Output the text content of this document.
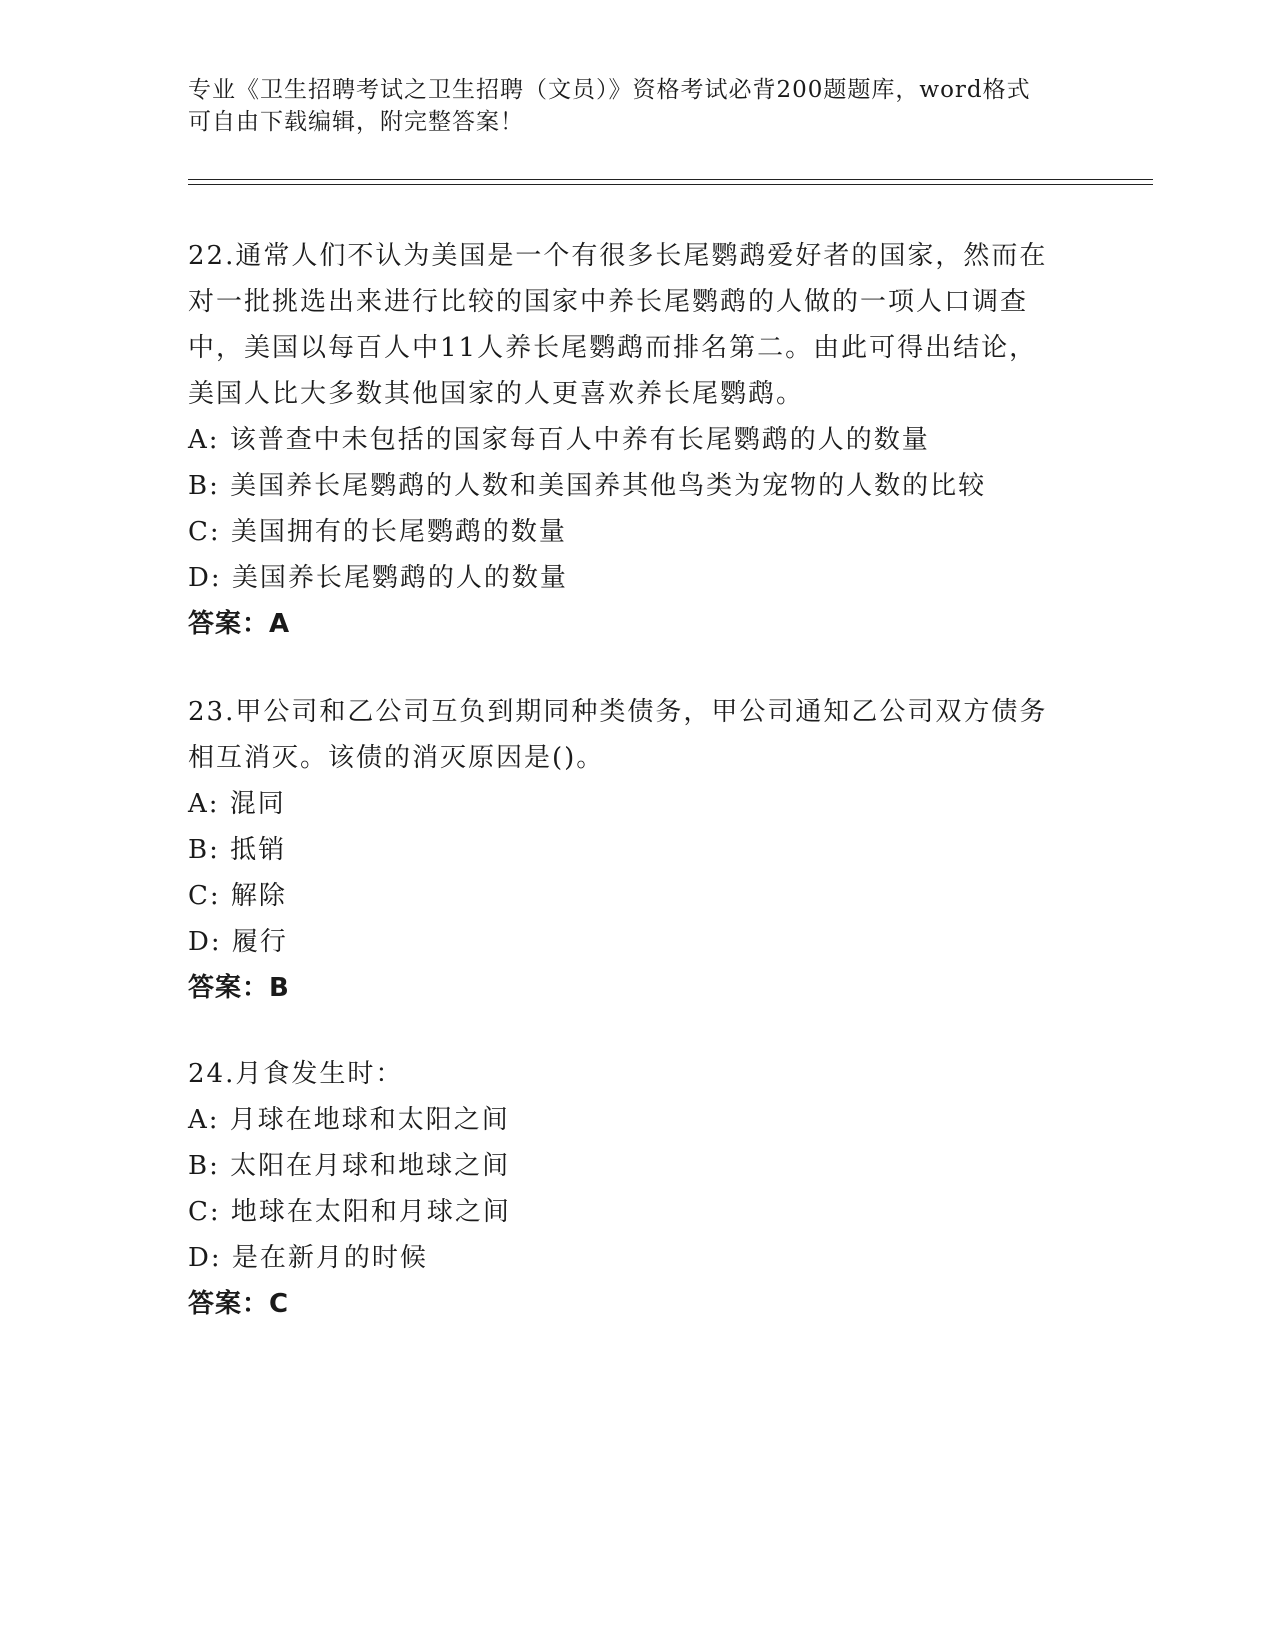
专业《卫生招聘考试之卫生招聘（文员）》资格考试必背200题题库，word格式
可自由下载编辑，附完整答案！
22.通常人们不认为美国是一个有很多长尾鹦鹉爱好者的国家，然而在
对一批挑选出来进行比较的国家中养长尾鹦鹉的人做的一项人口调查
中，美国以每百人中11人养长尾鹦鹉而排名第二。由此可得出结论，
美国人比大多数其他国家的人更喜欢养长尾鹦鹉。
A: 该普查中未包括的国家每百人中养有长尾鹦鹉的人的数量
B: 美国养长尾鹦鹉的人数和美国养其他鸟类为宠物的人数的比较
C: 美国拥有的长尾鹦鹉的数量
D: 美国养长尾鹦鹉的人的数量
答案：A
23.甲公司和乙公司互负到期同种类债务，甲公司通知乙公司双方债务
相互消灭。该债的消灭原因是()。
A: 混同
B: 抵销
C: 解除
D: 履行
答案：B
24.月食发生时：
A: 月球在地球和太阳之间
B: 太阳在月球和地球之间
C: 地球在太阳和月球之间
D: 是在新月的时候
答案：C
